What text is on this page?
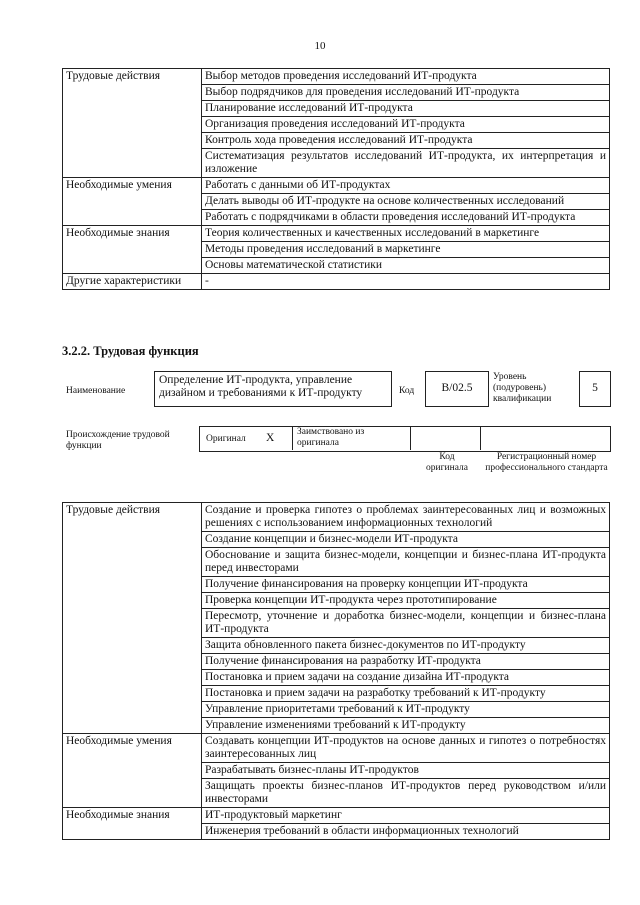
10
Трудовые действия	Выбор методов проведения исследований ИТ-продукта
	Выбор подрядчиков для проведения исследований ИТ-продукта
	Планирование исследований ИТ-продукта
	Организация проведения исследований ИТ-продукта
	Контроль хода проведения исследований ИТ-продукта
	Систематизация результатов исследований ИТ-продукта, их интерпретация и изложение
Необходимые умения	Работать с данными об ИТ-продуктах
	Делать выводы об ИТ-продукте на основе количественных исследований
	Работать с подрядчиками в области проведения исследований ИТ-продукта
Необходимые знания	Теория количественных и качественных исследований в маркетинге
	Методы проведения исследований в маркетинге
	Основы математической статистики
Другие характеристики	-
3.2.2. Трудовая функция
Наименование
Определение ИТ-продукта, управление дизайном и требованиями к ИТ-продукту	Код	B/02.5
Уровень (подуровень) квалификации
5
Происхождение трудовой функции
Оригинал X Заимствовано из оригинала
Код оригинала
Регистрационный номер профессионального стандарта
Трудовые действия	Создание и проверка гипотез о проблемах заинтересованных лиц и возможных решениях с использованием информационных технологий
	Создание концепции и бизнес-модели ИТ-продукта
	Обоснование и защита бизнес-модели, концепции и бизнес-плана ИТ-продукта перед инвесторами
	Получение финансирования на проверку концепции ИТ-продукта
	Проверка концепции ИТ-продукта через прототипирование
	Пересмотр, уточнение и доработка бизнес-модели, концепции и бизнес-плана ИТ-продукта
	Защита обновленного пакета бизнес-документов по ИТ-продукту
	Получение финансирования на разработку ИТ-продукта
	Постановка и прием задачи на создание дизайна ИТ-продукта
	Постановка и прием задачи на разработку требований к ИТ-продукту
	Управление приоритетами требований к ИТ-продукту
	Управление изменениями требований к ИТ-продукту
Необходимые умения	Создавать концепции ИТ-продуктов на основе данных и гипотез о потребностях заинтересованных лиц
	Разрабатывать бизнес-планы ИТ-продуктов
	Защищать проекты бизнес-планов ИТ-продуктов перед руководством и/или инвесторами
Необходимые знания	ИТ-продуктовый маркетинг
	Инженерия требований в области информационных технологий
